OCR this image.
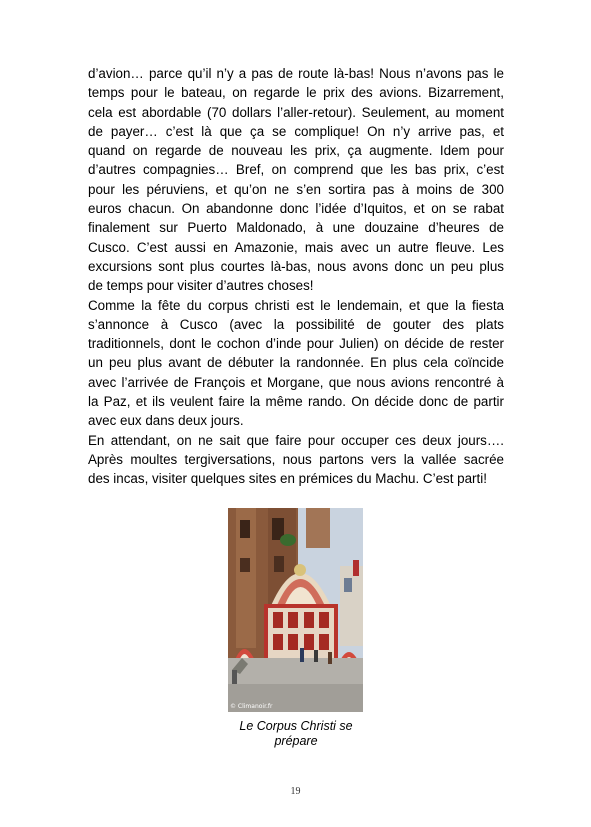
d’avion… parce qu’il n’y a pas de route là-bas! Nous n’avons pas le
temps pour le bateau, on regarde le prix des avions. Bizarrement,
cela est abordable (70 dollars l’aller-retour). Seulement, au moment
de payer… c’est là que ça se complique! On n’y arrive pas, et
quand on regarde de nouveau les prix, ça augmente. Idem pour
d’autres compagnies… Bref, on comprend que les bas prix, c’est
pour les péruviens, et qu’on ne s’en sortira pas à moins de 300
euros chacun. On abandonne donc l’idée d’Iquitos, et on se rabat
finalement sur Puerto Maldonado, à une douzaine d’heures de
Cusco. C’est aussi en Amazonie, mais avec un autre fleuve. Les
excursions sont plus courtes là-bas, nous avons donc un peu plus
de temps pour visiter d’autres choses!
Comme la fête du corpus christi est le lendemain, et que la fiesta
s’annonce à Cusco (avec la possibilité de gouter des plats
traditionnels, dont le cochon d’inde pour Julien) on décide de rester
un peu plus avant de débuter la randonnée. En plus cela coïncide
avec l’arrivée de François et Morgane, que nous avions rencontré à
la Paz, et ils veulent faire la même rando. On décide donc de partir
avec eux dans deux jours.
En attendant, on ne sait que faire pour occuper ces deux jours….
Après moultes tergiversations, nous partons vers la vallée sacrée
des incas, visiter quelques sites en prémices du Machu. C’est parti!
© Climanoir.fr
Le Corpus Christi se
prépare
19
